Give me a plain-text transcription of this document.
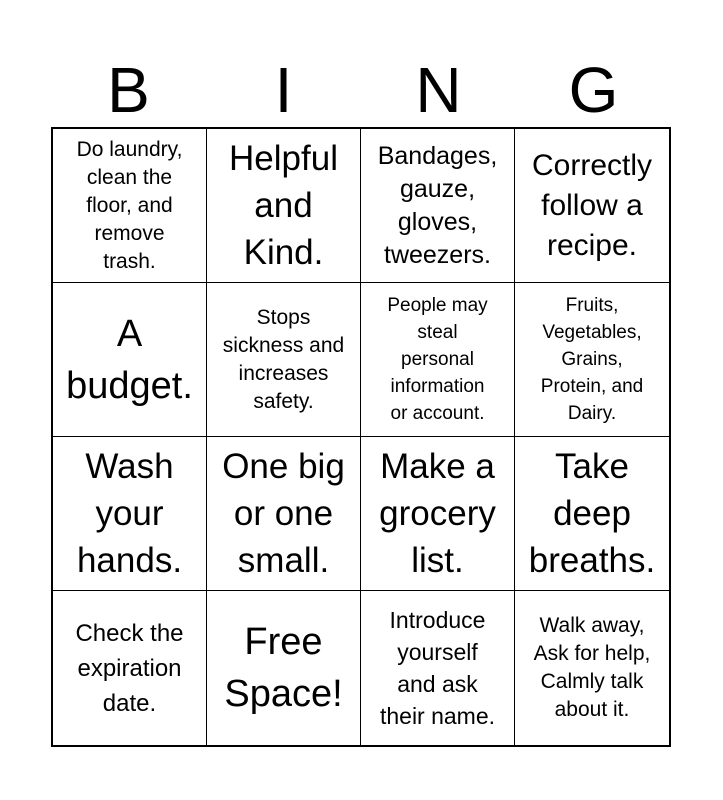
B	I	N	G
Do laundry,
clean the
floor, and
remove
trash.
Helpful
and
Kind.
Bandages,
gauze,
gloves,
tweezers.
Correctly
follow a
recipe.
A
budget.
Stops
sickness and
increases
safety.
People may
steal
personal
information
or account.
Fruits,
Vegetables,
Grains,
Protein, and
Dairy.
Wash
your
hands.
One big
or one
small.
Make a
grocery
list.
Take
deep
breaths.
Check the
expiration
date.
Free
Space!
Introduce
yourself
and ask
their name.
Walk away,
Ask for help,
Calmly talk
about it.
